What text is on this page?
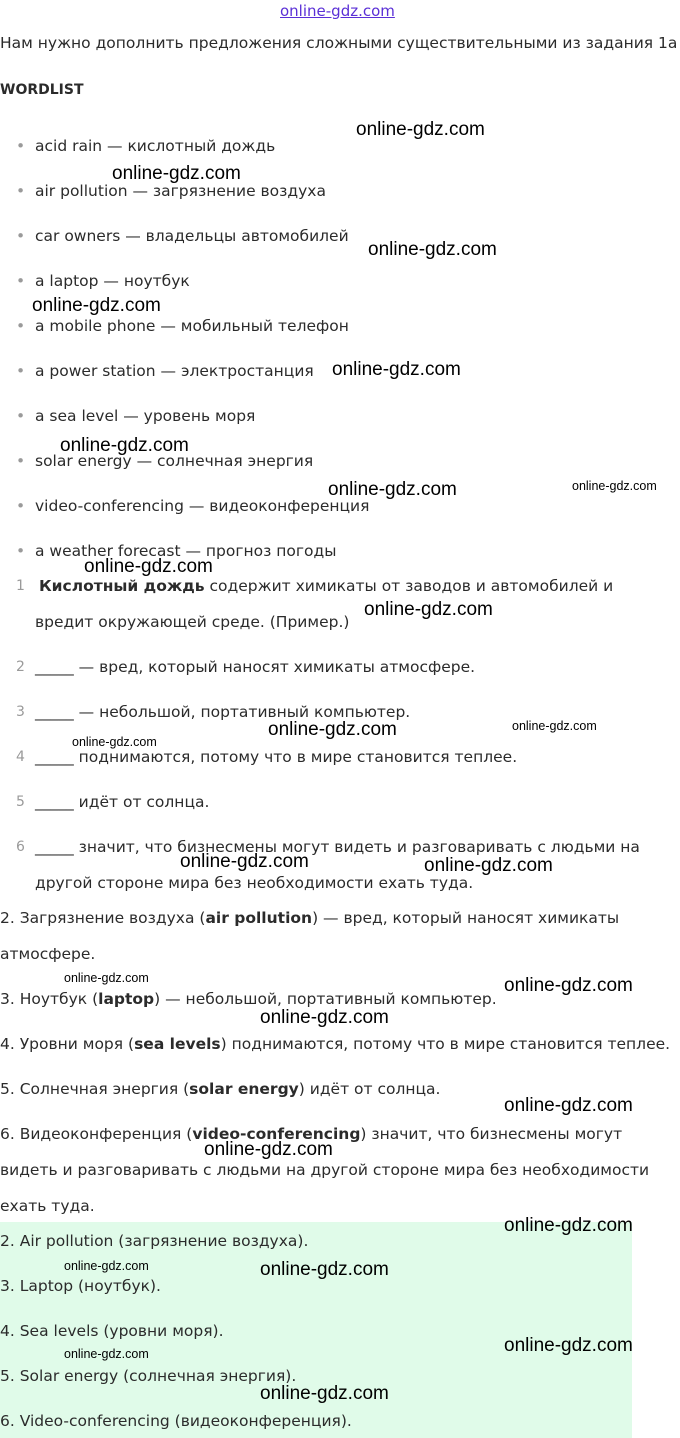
online-gdz.com
Нам нужно дополнить предложения сложными существительными из задания 1а
WORDLIST
• acid rain — кислотный дождь
• air pollution — загрязнение воздуха
• car owners — владельцы автомобилей
• a laptop — ноутбук
• a mobile phone — мобильный телефон
• a power station — электростанция
• a sea level — уровень моря
• solar energy — солнечная энергия
• video-conferencing — видеоконференция
• a weather forecast — прогноз погоды
1 Кислотный дождь содержит химикаты от заводов и автомобилей и
вредит окружающей среде. (Пример.)
2 _____ — вред, который наносят химикаты атмосфере.
3 _____ — небольшой, портативный компьютер.
4 _____ поднимаются, потому что в мире становится теплее.
5 _____ идёт от солнца.
6 _____ значит, что бизнесмены могут видеть и разговаривать с людьми на
другой стороне мира без необходимости ехать туда.
2. Загрязнение воздуха (air pollution) — вред, который наносят химикаты
атмосфере.
3. Ноутбук (laptop) — небольшой, портативный компьютер.
4. Уровни моря (sea levels) поднимаются, потому что в мире становится теплее.
5. Солнечная энергия (solar energy) идёт от солнца.
6. Видеоконференция (video-conferencing) значит, что бизнесмены могут
видеть и разговаривать с людьми на другой стороне мира без необходимости
ехать туда.
2. Air pollution (загрязнение воздуха).
3. Laptop (ноутбук).
4. Sea levels (уровни моря).
5. Solar energy (солнечная энергия).
6. Video-conferencing (видеоконференция).
online-gdz.com
online-gdz.com
online-gdz.com
online-gdz.com
online-gdz.com
online-gdz.com
online-gdz.com	online-gdz.com
online-gdz.com
online-gdz.com
online-gdz.com	online-gdz.com
online-gdz.com
online-gdz.com	online-gdz.com
online-gdz.com	online-gdz.com
online-gdz.com
online-gdz.com
online-gdz.com
online-gdz.com
online-gdz.com	online-gdz.com
online-gdz.com
online-gdz.com
online-gdz.com
